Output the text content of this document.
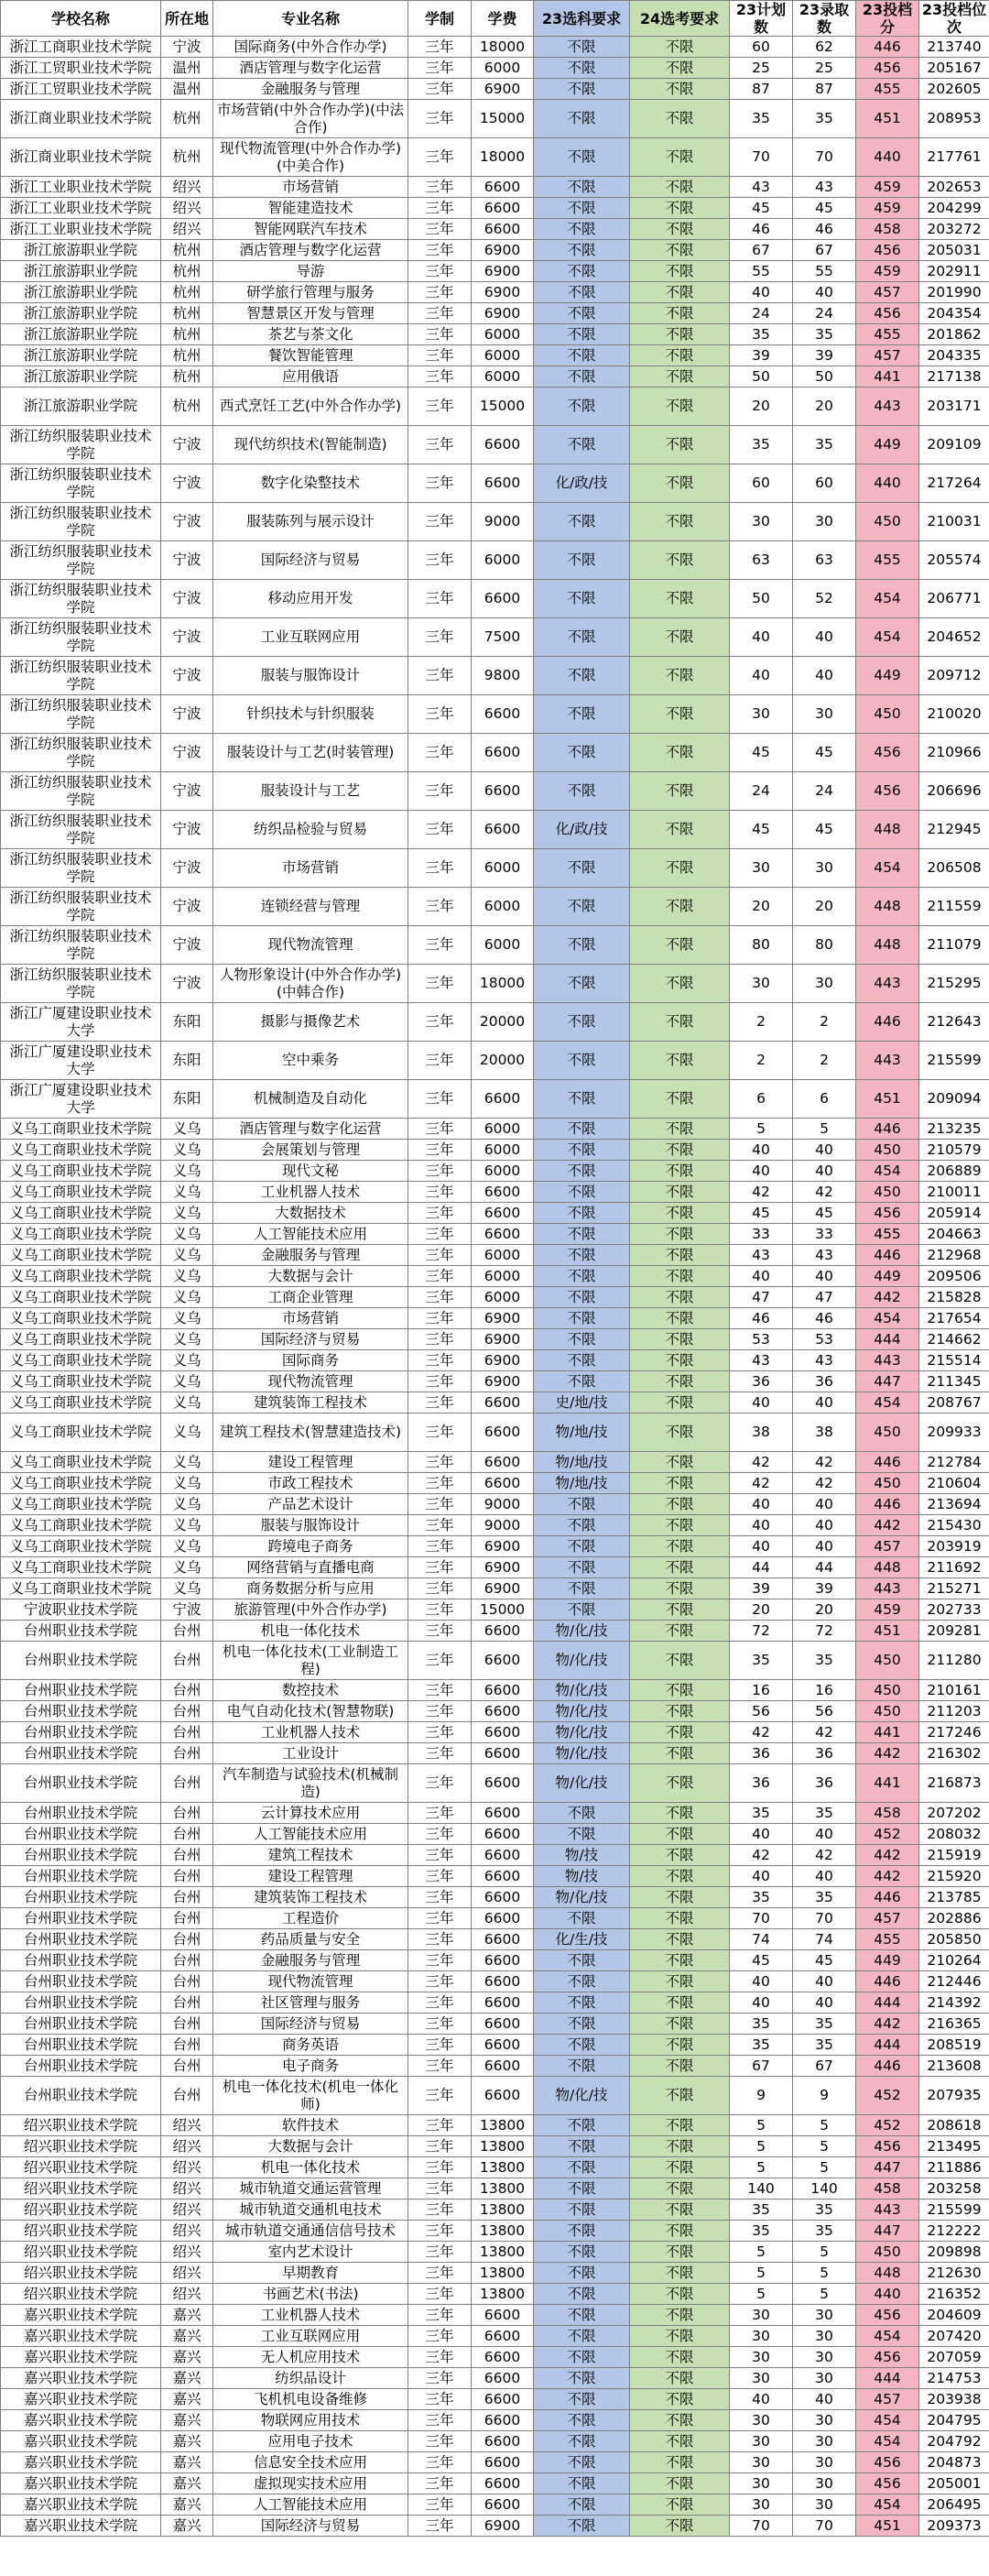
学校名称	所在地	专业名称	学制	学费	23选科要求	24选考要求	23计划数	23录取数	23投档分	23投档位次
浙江工商职业技术学院	宁波	国际商务(中外合作办学)	三年	18000	不限	不限	60	62	446	213740
浙江工贸职业技术学院	温州	酒店管理与数字化运营	三年	6000	不限	不限	25	25	456	205167
浙江工贸职业技术学院	温州	金融服务与管理	三年	6900	不限	不限	87	87	455	202605
浙江商业职业技术学院	杭州	市场营销(中外合作办学)(中法合作)	三年	15000	不限	不限	35	35	451	208953
浙江商业职业技术学院	杭州	现代物流管理(中外合作办学)(中美合作)	三年	18000	不限	不限	70	70	440	217761
浙江工业职业技术学院	绍兴	市场营销	三年	6600	不限	不限	43	43	459	202653
浙江工业职业技术学院	绍兴	智能建造技术	三年	6600	不限	不限	45	45	459	204299
浙江工业职业技术学院	绍兴	智能网联汽车技术	三年	6600	不限	不限	46	46	458	203272
浙江旅游职业学院	杭州	酒店管理与数字化运营	三年	6900	不限	不限	67	67	456	205031
浙江旅游职业学院	杭州	导游	三年	6900	不限	不限	55	55	459	202911
浙江旅游职业学院	杭州	研学旅行管理与服务	三年	6900	不限	不限	40	40	457	201990
浙江旅游职业学院	杭州	智慧景区开发与管理	三年	6900	不限	不限	24	24	456	204354
浙江旅游职业学院	杭州	茶艺与茶文化	三年	6000	不限	不限	35	35	455	201862
浙江旅游职业学院	杭州	餐饮智能管理	三年	6000	不限	不限	39	39	457	204335
浙江旅游职业学院	杭州	应用俄语	三年	6000	不限	不限	50	50	441	217138
浙江旅游职业学院	杭州	西式烹饪工艺(中外合作办学)	三年	15000	不限	不限	20	20	443	203171
浙江纺织服装职业技术学院	宁波	现代纺织技术(智能制造)	三年	6600	不限	不限	35	35	449	209109
浙江纺织服装职业技术学院	宁波	数字化染整技术	三年	6600	化/政/技	不限	60	60	440	217264
浙江纺织服装职业技术学院	宁波	服装陈列与展示设计	三年	9000	不限	不限	30	30	450	210031
浙江纺织服装职业技术学院	宁波	国际经济与贸易	三年	6000	不限	不限	63	63	455	205574
浙江纺织服装职业技术学院	宁波	移动应用开发	三年	6600	不限	不限	50	52	454	206771
浙江纺织服装职业技术学院	宁波	工业互联网应用	三年	7500	不限	不限	40	40	454	204652
浙江纺织服装职业技术学院	宁波	服装与服饰设计	三年	9800	不限	不限	40	40	449	209712
浙江纺织服装职业技术学院	宁波	针织技术与针织服装	三年	6600	不限	不限	30	30	450	210020
浙江纺织服装职业技术学院	宁波	服装设计与工艺(时装管理)	三年	6600	不限	不限	45	45	456	210966
浙江纺织服装职业技术学院	宁波	服装设计与工艺	三年	6600	不限	不限	24	24	456	206696
浙江纺织服装职业技术学院	宁波	纺织品检验与贸易	三年	6600	化/政/技	不限	45	45	448	212945
浙江纺织服装职业技术学院	宁波	市场营销	三年	6000	不限	不限	30	30	454	206508
浙江纺织服装职业技术学院	宁波	连锁经营与管理	三年	6000	不限	不限	20	20	448	211559
浙江纺织服装职业技术学院	宁波	现代物流管理	三年	6000	不限	不限	80	80	448	211079
浙江纺织服装职业技术学院	宁波	人物形象设计(中外合作办学)(中韩合作)	三年	18000	不限	不限	30	30	443	215295
浙江广厦建设职业技术大学	东阳	摄影与摄像艺术	三年	20000	不限	不限	2	2	446	212643
浙江广厦建设职业技术大学	东阳	空中乘务	三年	20000	不限	不限	2	2	443	215599
浙江广厦建设职业技术大学	东阳	机械制造及自动化	三年	6600	不限	不限	6	6	451	209094
义乌工商职业技术学院	义乌	酒店管理与数字化运营	三年	6000	不限	不限	5	5	446	213235
义乌工商职业技术学院	义乌	会展策划与管理	三年	6000	不限	不限	40	40	450	210579
义乌工商职业技术学院	义乌	现代文秘	三年	6000	不限	不限	40	40	454	206889
义乌工商职业技术学院	义乌	工业机器人技术	三年	6600	不限	不限	42	42	450	210011
义乌工商职业技术学院	义乌	大数据技术	三年	6600	不限	不限	45	45	456	205914
义乌工商职业技术学院	义乌	人工智能技术应用	三年	6600	不限	不限	33	33	455	204663
义乌工商职业技术学院	义乌	金融服务与管理	三年	6000	不限	不限	43	43	446	212968
义乌工商职业技术学院	义乌	大数据与会计	三年	6000	不限	不限	40	40	449	209506
义乌工商职业技术学院	义乌	工商企业管理	三年	6000	不限	不限	47	47	442	215828
义乌工商职业技术学院	义乌	市场营销	三年	6900	不限	不限	46	46	454	217654
义乌工商职业技术学院	义乌	国际经济与贸易	三年	6900	不限	不限	53	53	444	214662
义乌工商职业技术学院	义乌	国际商务	三年	6900	不限	不限	43	43	443	215514
义乌工商职业技术学院	义乌	现代物流管理	三年	6900	不限	不限	36	36	447	211345
义乌工商职业技术学院	义乌	建筑装饰工程技术	三年	6600	史/地/技	不限	40	40	454	208767
义乌工商职业技术学院	义乌	建筑工程技术(智慧建造技术)	三年	6600	物/地/技	不限	38	38	450	209933
义乌工商职业技术学院	义乌	建设工程管理	三年	6600	物/地/技	不限	42	42	446	212784
义乌工商职业技术学院	义乌	市政工程技术	三年	6600	物/地/技	不限	42	42	450	210604
义乌工商职业技术学院	义乌	产品艺术设计	三年	9000	不限	不限	40	40	446	213694
义乌工商职业技术学院	义乌	服装与服饰设计	三年	9000	不限	不限	40	40	442	215430
义乌工商职业技术学院	义乌	跨境电子商务	三年	6900	不限	不限	40	40	457	203919
义乌工商职业技术学院	义乌	网络营销与直播电商	三年	6900	不限	不限	44	44	448	211692
义乌工商职业技术学院	义乌	商务数据分析与应用	三年	6900	不限	不限	39	39	443	215271
宁波职业技术学院	宁波	旅游管理(中外合作办学)	三年	15000	不限	不限	20	20	459	202733
台州职业技术学院	台州	机电一体化技术	三年	6600	物/化/技	不限	72	72	451	209281
台州职业技术学院	台州	机电一体化技术(工业制造工程)	三年	6600	物/化/技	不限	35	35	450	211280
台州职业技术学院	台州	数控技术	三年	6600	物/化/技	不限	16	16	450	210161
台州职业技术学院	台州	电气自动化技术(智慧物联)	三年	6600	物/化/技	不限	56	56	450	211203
台州职业技术学院	台州	工业机器人技术	三年	6600	物/化/技	不限	42	42	441	217246
台州职业技术学院	台州	工业设计	三年	6600	物/化/技	不限	36	36	442	216302
台州职业技术学院	台州	汽车制造与试验技术(机械制造)	三年	6600	物/化/技	不限	36	36	441	216873
台州职业技术学院	台州	云计算技术应用	三年	6600	不限	不限	35	35	458	207202
台州职业技术学院	台州	人工智能技术应用	三年	6600	不限	不限	40	40	452	208032
台州职业技术学院	台州	建筑工程技术	三年	6600	物/技	不限	42	42	442	215919
台州职业技术学院	台州	建设工程管理	三年	6600	物/技	不限	40	40	442	215920
台州职业技术学院	台州	建筑装饰工程技术	三年	6600	物/化/技	不限	35	35	446	213785
台州职业技术学院	台州	工程造价	三年	6600	不限	不限	70	70	457	202886
台州职业技术学院	台州	药品质量与安全	三年	6600	化/生/技	不限	74	74	455	205850
台州职业技术学院	台州	金融服务与管理	三年	6600	不限	不限	45	45	449	210264
台州职业技术学院	台州	现代物流管理	三年	6600	不限	不限	40	40	446	212446
台州职业技术学院	台州	社区管理与服务	三年	6600	不限	不限	40	40	444	214392
台州职业技术学院	台州	国际经济与贸易	三年	6600	不限	不限	35	35	442	216365
台州职业技术学院	台州	商务英语	三年	6600	不限	不限	35	35	444	208519
台州职业技术学院	台州	电子商务	三年	6600	不限	不限	67	67	446	213608
台州职业技术学院	台州	机电一体化技术(机电一体化师)	三年	6600	物/化/技	不限	9	9	452	207935
绍兴职业技术学院	绍兴	软件技术	三年	13800	不限	不限	5	5	452	208618
绍兴职业技术学院	绍兴	大数据与会计	三年	13800	不限	不限	5	5	456	213495
绍兴职业技术学院	绍兴	机电一体化技术	三年	13800	不限	不限	5	5	447	211886
绍兴职业技术学院	绍兴	城市轨道交通运营管理	三年	13800	不限	不限	140	140	458	203258
绍兴职业技术学院	绍兴	城市轨道交通机电技术	三年	13800	不限	不限	35	35	443	215599
绍兴职业技术学院	绍兴	城市轨道交通通信信号技术	三年	13800	不限	不限	35	35	447	212222
绍兴职业技术学院	绍兴	室内艺术设计	三年	13800	不限	不限	5	5	450	209898
绍兴职业技术学院	绍兴	早期教育	三年	13800	不限	不限	5	5	448	212630
绍兴职业技术学院	绍兴	书画艺术(书法)	三年	13800	不限	不限	5	5	440	216352
嘉兴职业技术学院	嘉兴	工业机器人技术	三年	6600	不限	不限	30	30	456	204609
嘉兴职业技术学院	嘉兴	工业互联网应用	三年	6600	不限	不限	30	30	454	207420
嘉兴职业技术学院	嘉兴	无人机应用技术	三年	6600	不限	不限	30	30	456	207059
嘉兴职业技术学院	嘉兴	纺织品设计	三年	6600	不限	不限	30	30	444	214753
嘉兴职业技术学院	嘉兴	飞机机电设备维修	三年	6600	不限	不限	40	40	457	203938
嘉兴职业技术学院	嘉兴	物联网应用技术	三年	6600	不限	不限	30	30	454	204795
嘉兴职业技术学院	嘉兴	应用电子技术	三年	6600	不限	不限	30	30	454	204792
嘉兴职业技术学院	嘉兴	信息安全技术应用	三年	6600	不限	不限	30	30	456	204873
嘉兴职业技术学院	嘉兴	虚拟现实技术应用	三年	6600	不限	不限	30	30	456	205001
嘉兴职业技术学院	嘉兴	人工智能技术应用	三年	6600	不限	不限	30	30	454	206495
嘉兴职业技术学院	嘉兴	国际经济与贸易	三年	6900	不限	不限	70	70	451	209373
